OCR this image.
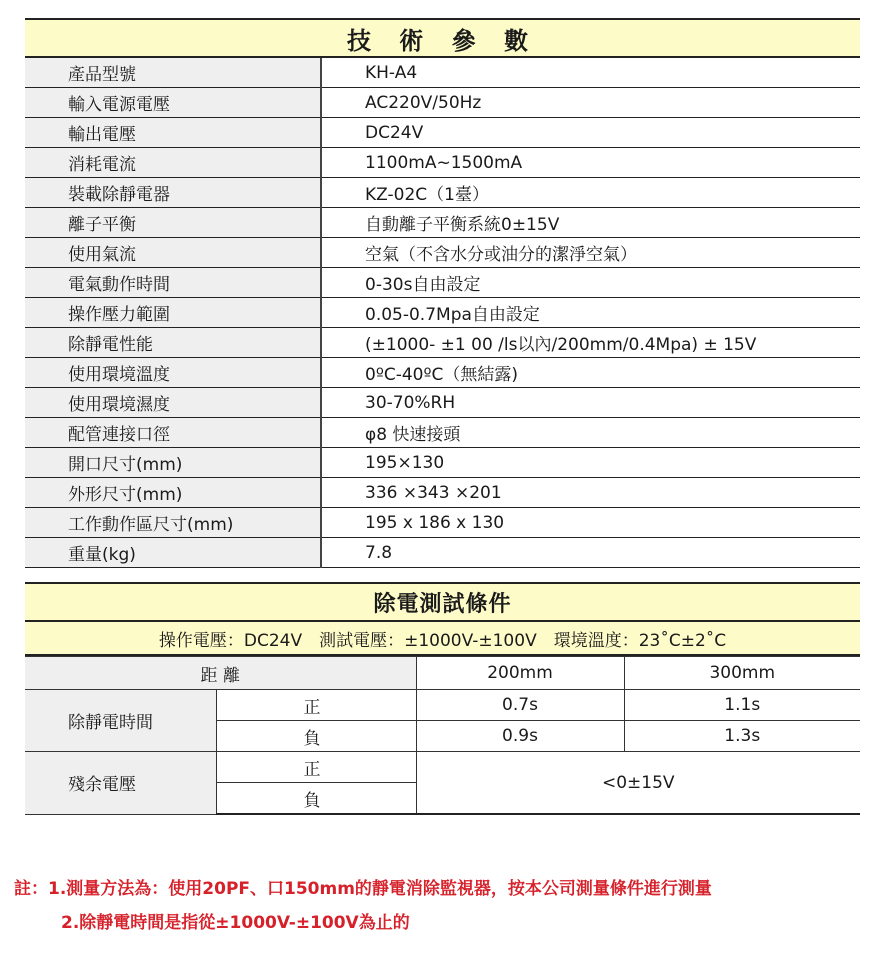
技 術 參 數
產品型號	KH-A4
輸入電源電壓	AC220V/50Hz
輸出電壓	DC24V
消耗電流	1100mA~1500mA
裝載除靜電器	KZ-02C（1臺）
離子平衡	自動離子平衡系統0±15V
使用氣流	空氣（不含水分或油分的潔淨空氣）
電氣動作時間	0-30s自由設定
操作壓力範圍	0.05-0.7Mpa自由設定
除靜電性能	(±1000- ±1 00 /ls以內/200mm/0.4Mpa) ± 15V
使用環境溫度	0ºC-40ºC（無結露)
使用環境濕度	30-70%RH
配管連接口徑	φ8 快速接頭
開口尺寸(mm)	195×130
外形尺寸(mm)	336 ×343 ×201
工作動作區尺寸(mm)	195 x 186 x 130
重量(kg)	7.8
除電測試條件
操作電壓：DC24V　測試電壓：±1000V-±100V　環境溫度：23˚C±2˚C
距 離		200mm	300mm
除靜電時間	正	0.7s	1.1s
	負	0.9s	1.3s
殘余電壓	正	<0±15V	
	負		
註：1.測量方法為：使用20PF、口150mm的靜電消除監視器，按本公司測量條件進行測量
2.除靜電時間是指從±1000V-±100V為止的
